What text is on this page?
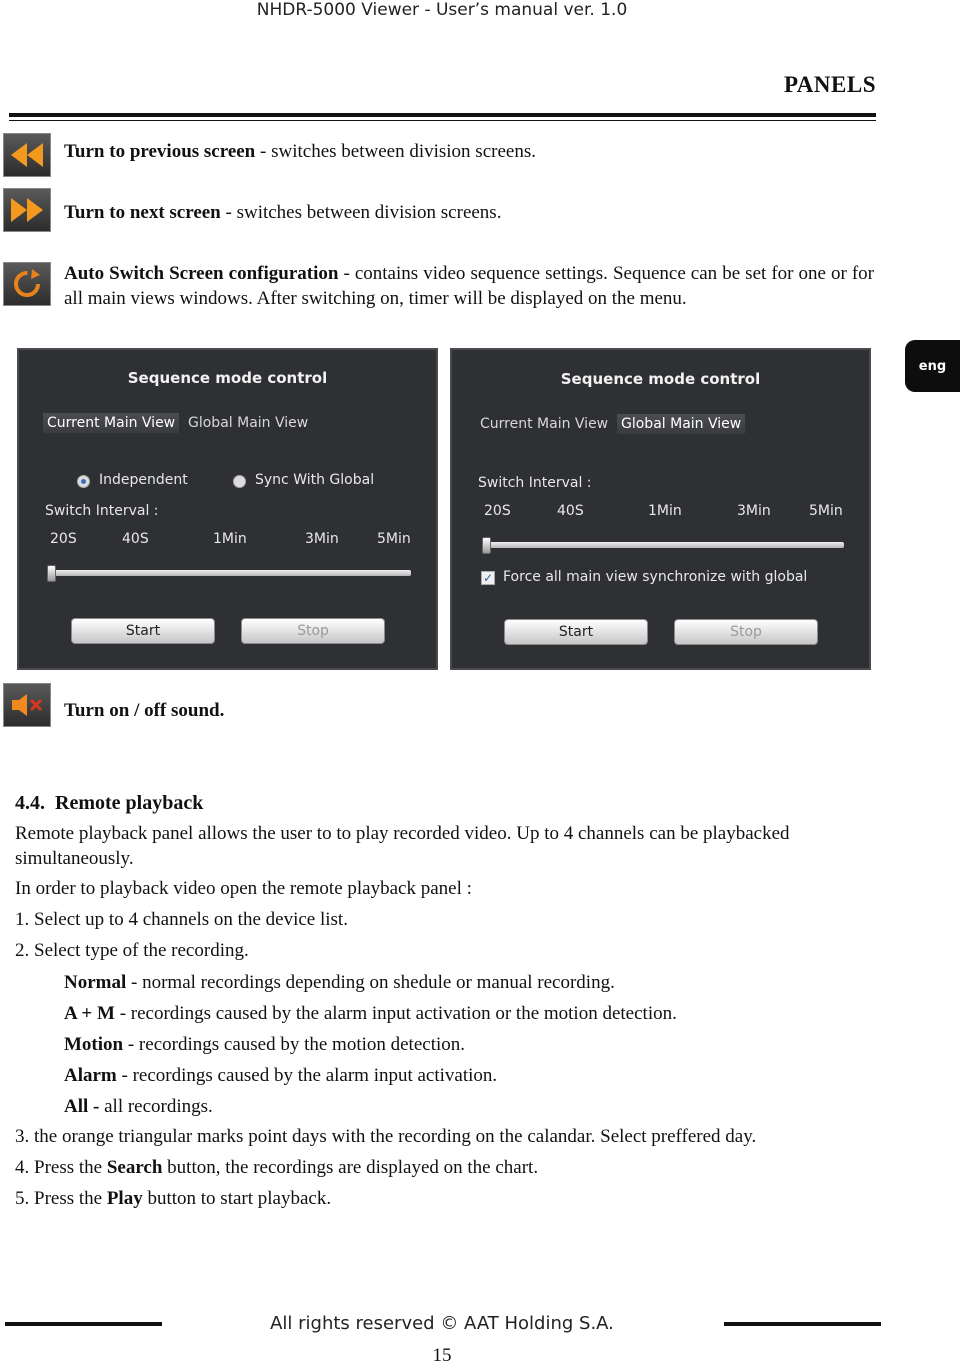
NHDR-5000 Viewer - User’s manual ver. 1.0
PANELS
Turn to previous screen - switches between division screens.
Turn to next screen - switches between division screens.
Auto Switch Screen configuration - contains video sequence settings. Sequence can be set for one or for all main views windows. After switching on, timer will be displayed on the menu.
eng
Sequence mode control
Current Main View Global Main View
Independent	Sync With Global
Switch Interval :
20S	40S	1Min	3Min	5Min
Start	Stop
Sequence mode control
Current Main View Global Main View
Switch Interval :
20S	40S	1Min	3Min	5Min
✓ Force all main view synchronize with global
Start	Stop
Turn on / off sound.
4.4. Remote playback
Remote playback panel allows the user to to play recorded video. Up to 4 channels can be playbacked simultaneously.
In order to playback video open the remote playback panel :
1. Select up to 4 channels on the device list.
2. Select type of the recording.
Normal - normal recordings depending on shedule or manual recording.
A + M - recordings caused by the alarm input activation or the motion detection.
Motion - recordings caused by the motion detection.
Alarm - recordings caused by the alarm input activation.
All - all recordings.
3. the orange triangular marks point days with the recording on the calandar. Select preffered day.
4. Press the Search button, the recordings are displayed on the chart.
5. Press the Play button to start playback.
All rights reserved © AAT Holding S.A.
15
